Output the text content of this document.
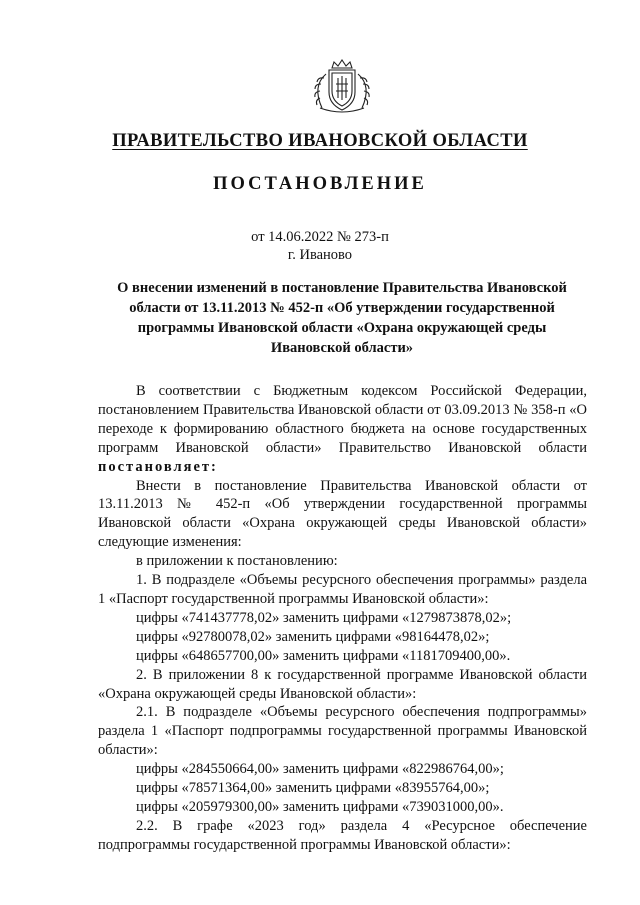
ПРАВИТЕЛЬСТВО ИВАНОВСКОЙ ОБЛАСТИ
ПОСТАНОВЛЕНИЕ
от 14.06.2022 № 273-п
г. Иваново
О внесении изменений в постановление Правительства Ивановской области от 13.11.2013 № 452-п «Об утверждении государственной программы Ивановской области «Охрана окружающей среды Ивановской области»

В соответствии с Бюджетным кодексом Российской Федерации, постановлением Правительства Ивановской области от 03.09.2013 № 358-п «О переходе к формированию областного бюджета на основе государственных программ Ивановской области» Правительство Ивановской области постановляет:

Внести в постановление Правительства Ивановской области от 13.11.2013 № 452-п «Об утверждении государственной программы Ивановской области «Охрана окружающей среды Ивановской области» следующие изменения:

в приложении к постановлению:

1. В подразделе «Объемы ресурсного обеспечения программы» раздела 1 «Паспорт государственной программы Ивановской области»:

цифры «741437778,02» заменить цифрами «1279873878,02»;

цифры «92780078,02» заменить цифрами «98164478,02»;

цифры «648657700,00» заменить цифрами «1181709400,00».

2. В приложении 8 к государственной программе Ивановской области «Охрана окружающей среды Ивановской области»:

2.1. В подразделе «Объемы ресурсного обеспечения подпрограммы» раздела 1 «Паспорт подпрограммы государственной программы Ивановской области»:

цифры «284550664,00» заменить цифрами «822986764,00»;

цифры «78571364,00» заменить цифрами «83955764,00»;

цифры «205979300,00» заменить цифрами «739031000,00».

2.2. В графе «2023 год» раздела 4 «Ресурсное обеспечение подпрограммы государственной программы Ивановской области»:
